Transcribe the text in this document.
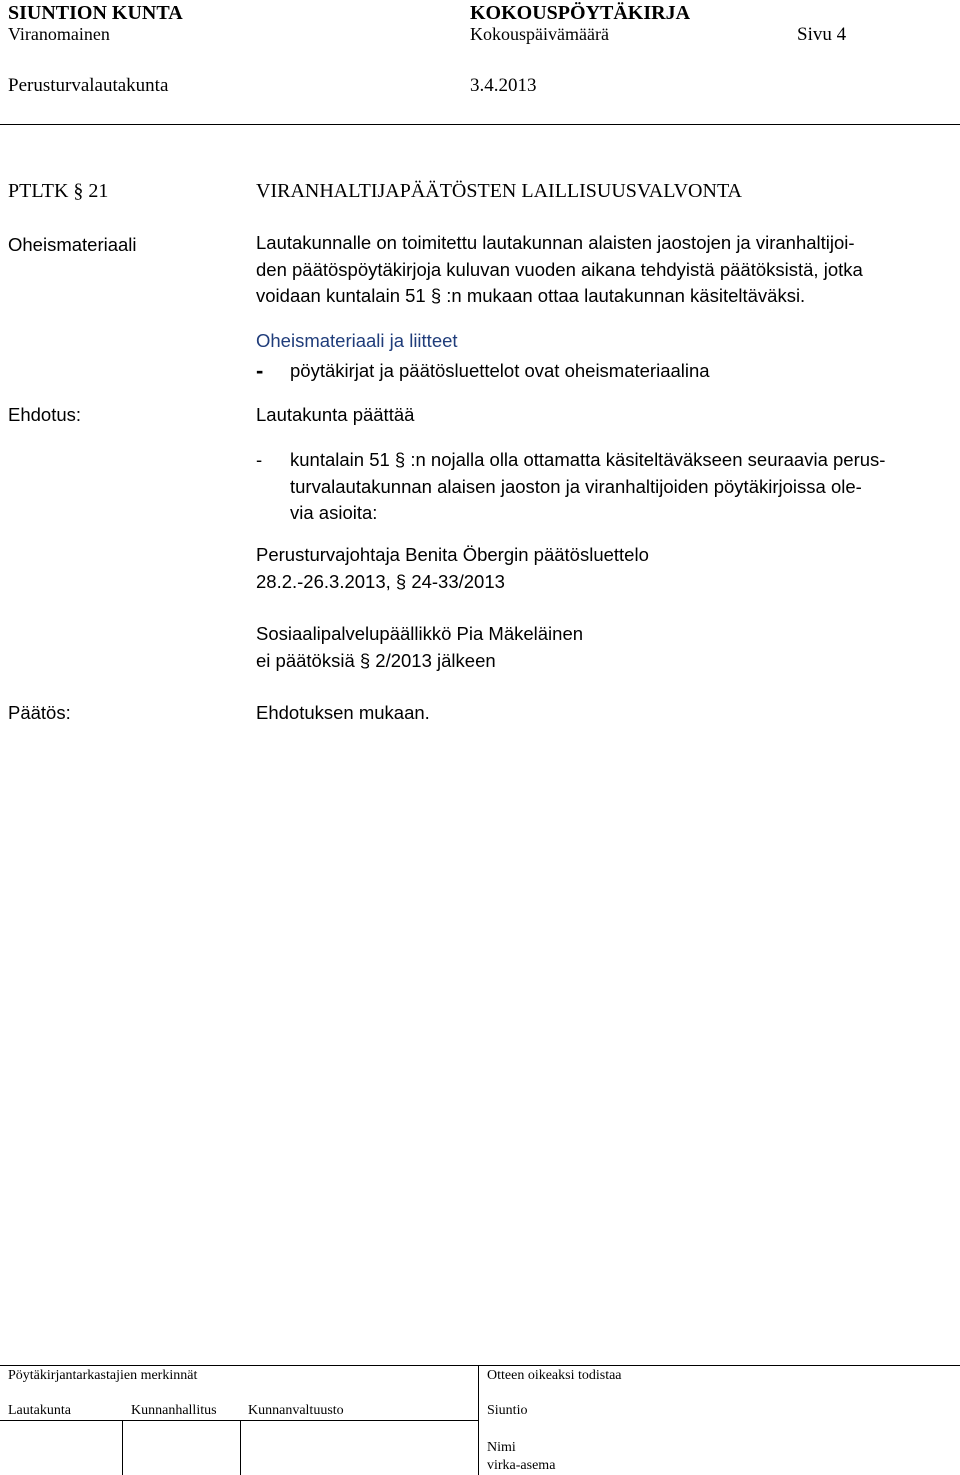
SIUNTION KUNTA	KOKOUSPÖYTÄKIRJA
Viranomainen	Kokouspäivämäärä	Sivu 4
Perusturvalautakunta	3.4.2013
PTLTK § 21	VIRANHALTIJAPÄÄTÖSTEN LAILLISUUSVALVONTA
Oheismateriaali	Lautakunnalle on toimitettu lautakunnan alaisten jaostojen ja viranhaltijoi-
den päätöspöytäkirjoja kuluvan vuoden aikana tehdyistä päätöksistä, jotka
voidaan kuntalain 51 § :n mukaan ottaa lautakunnan käsiteltäväksi.
Oheismateriaali ja liitteet
- pöytäkirjat ja päätösluettelot ovat oheismateriaalina
Ehdotus:	Lautakunta päättää
- kuntalain 51 § :n nojalla olla ottamatta käsiteltäväkseen seuraavia perus-
turvalautakunnan alaisen jaoston ja viranhaltijoiden pöytäkirjoissa ole-
via asioita:
Perusturvajohtaja Benita Öbergin päätösluettelo
28.2.-26.3.2013, § 24-33/2013
Sosiaalipalvelupäällikkö Pia Mäkeläinen
ei päätöksiä § 2/2013 jälkeen
Päätös:	Ehdotuksen mukaan.
Pöytäkirjantarkastajien merkinnät	Otteen oikeaksi todistaa
Lautakunta	Kunnanhallitus Kunnanvaltuusto	Siuntio
Nimi
virka-asema
